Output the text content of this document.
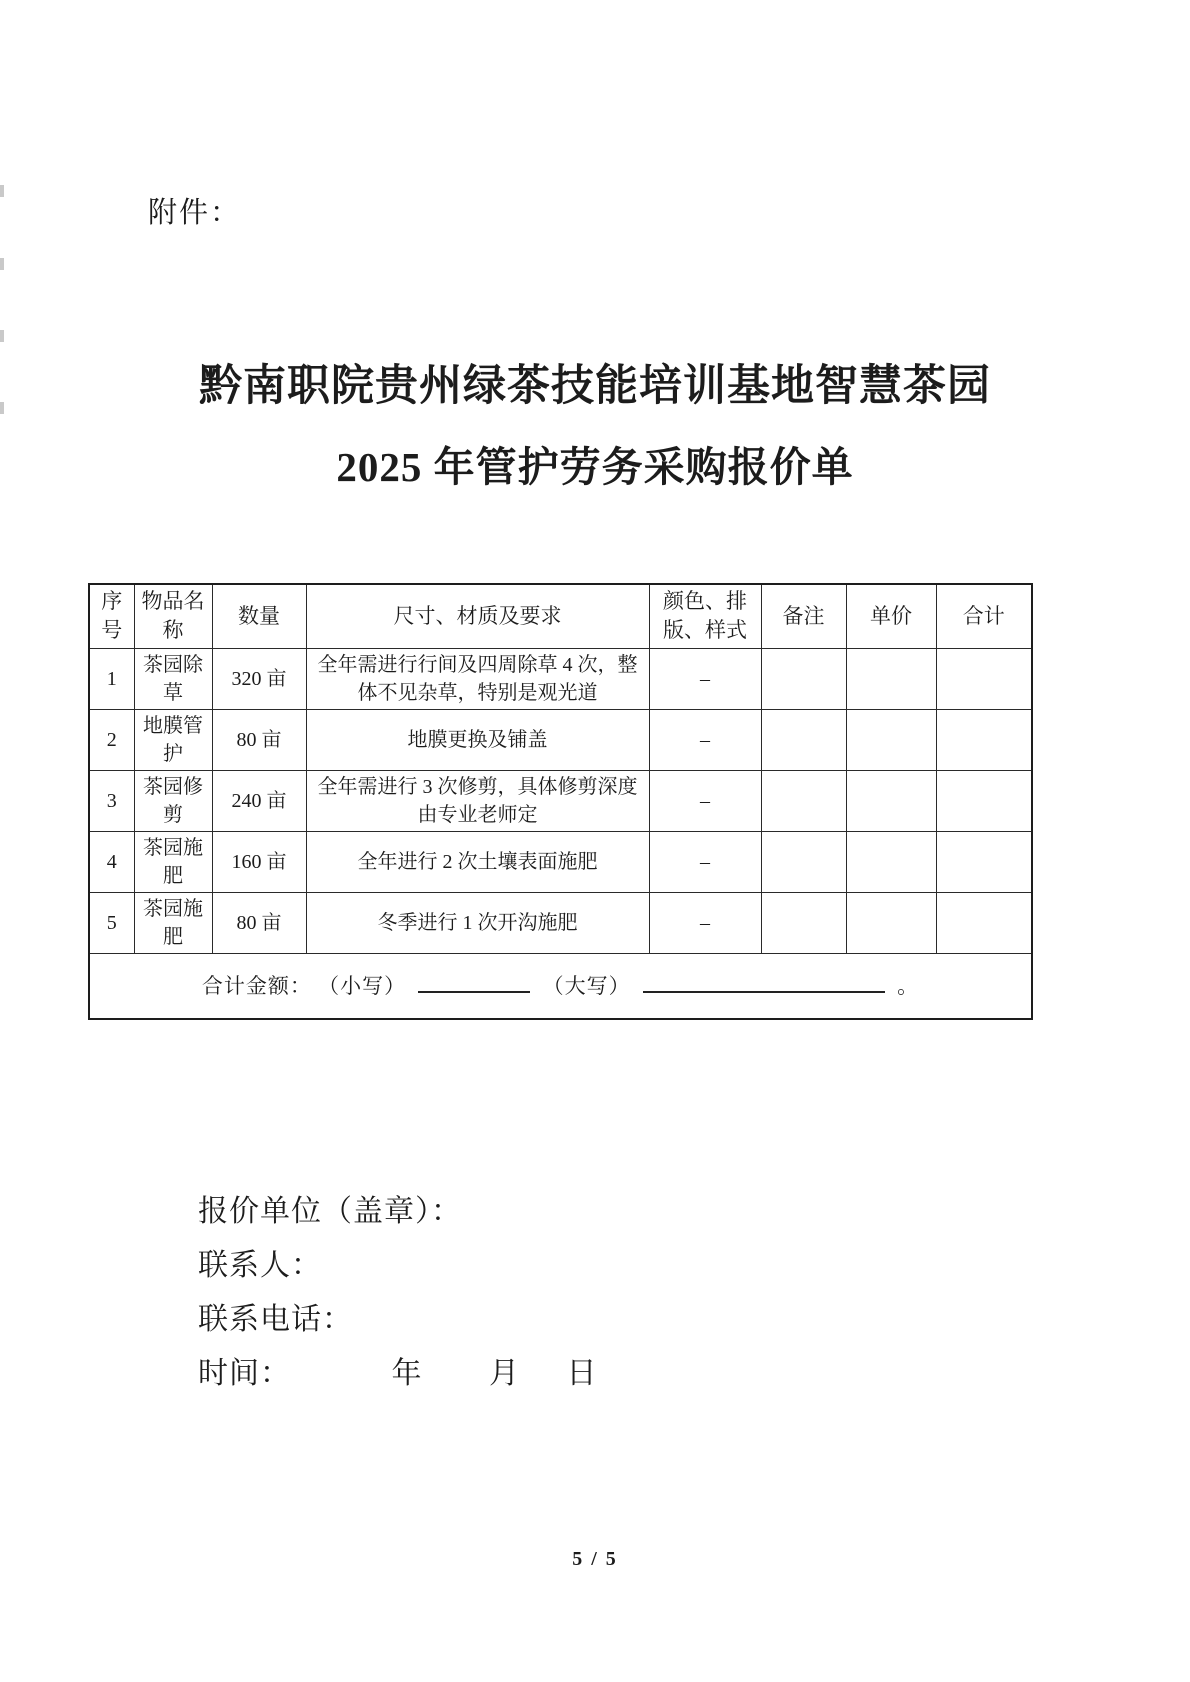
附件：
黔南职院贵州绿茶技能培训基地智慧茶园
2025 年管护劳务采购报价单
序号	物品名称	数量	尺寸、材质及要求	颜色、排版、样式	备注	单价	合计
1	茶园除草	320 亩	全年需进行行间及四周除草 4 次，整体不见杂草，特别是观光道	–			
2	地膜管护	80 亩	地膜更换及铺盖	–			
3	茶园修剪	240 亩	全年需进行 3 次修剪，具体修剪深度由专业老师定	–			
4	茶园施肥	160 亩	全年进行 2 次土壤表面施肥	–			
5	茶园施肥	80 亩	冬季进行 1 次开沟施肥	–			
合计金额： （小写） （大写） 。							
报价单位（盖章）：
联系人：
联系电话：
时间：	年 月 日
5 / 5
